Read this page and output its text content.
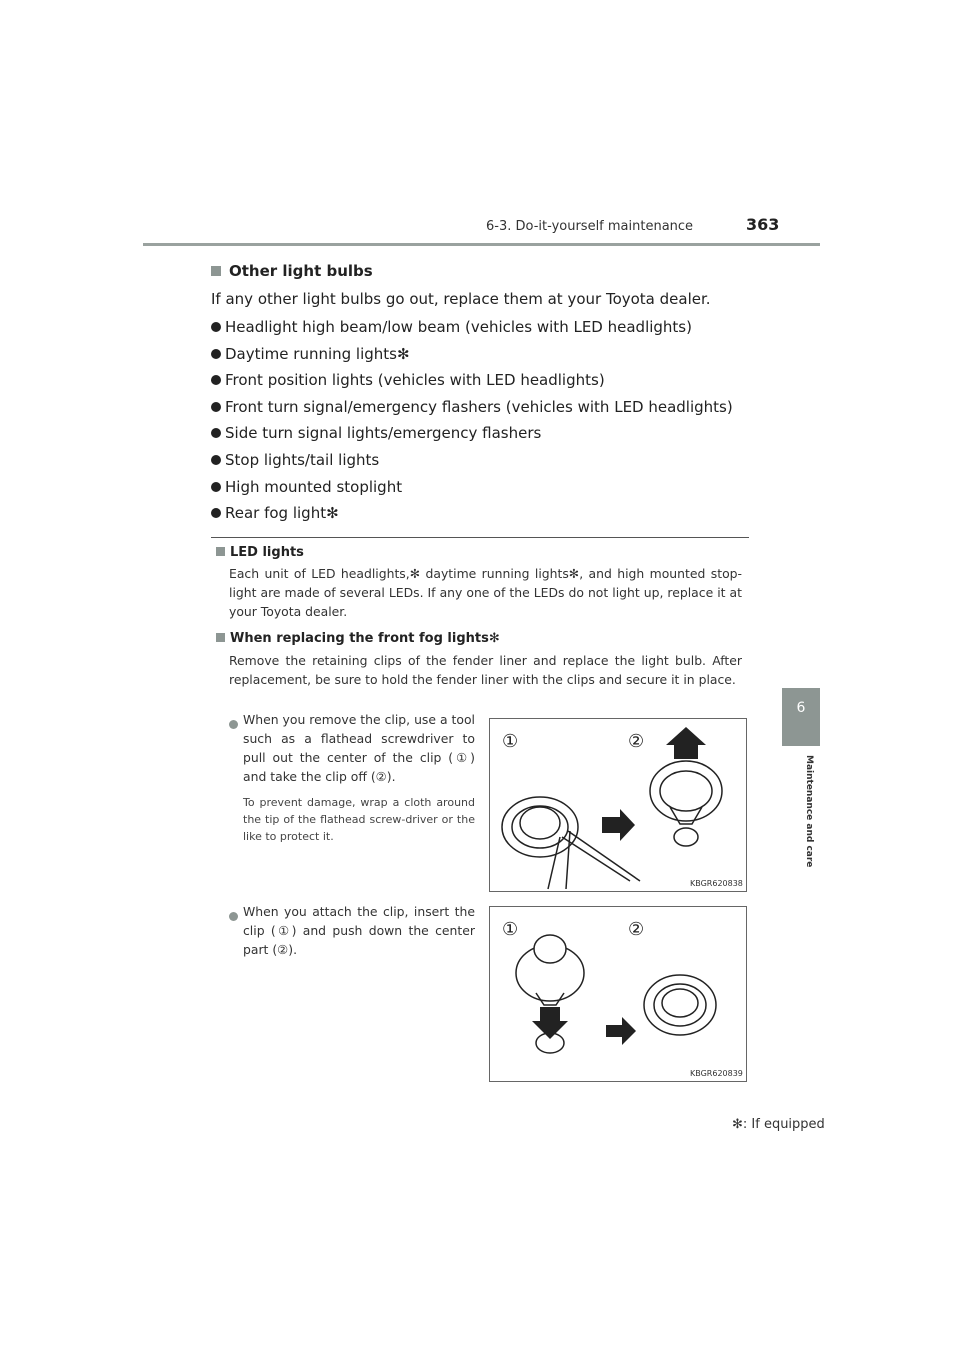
6-3. Do-it-yourself maintenance	363
6
Maintenance and care
Other light bulbs
If any other light bulbs go out, replace them at your Toyota dealer.
Headlight high beam/low beam (vehicles with LED headlights)
Daytime running lights✻
Front position lights (vehicles with LED headlights)
Front turn signal/emergency flashers (vehicles with LED headlights)
Side turn signal lights/emergency flashers
Stop lights/tail lights
High mounted stoplight
Rear fog light✻
LED lights
Each unit of LED headlights,✻ daytime running lights✻, and high mounted stop-light are made of several LEDs. If any one of the LEDs do not light up, replace it at your Toyota dealer.
When replacing the front fog lights✻
Remove the retaining clips of the fender liner and replace the light bulb. After replacement, be sure to hold the fender liner with the clips and secure it in place.
When you remove the clip, use a tool such as a flathead screwdriver to pull out the center of the clip (①) and take the clip off (②).
To prevent damage, wrap a cloth around the tip of the flathead screw-driver or the like to protect it.
When you attach the clip, insert the clip (①) and push down the center part (②).
①	②
KBGR620838
①	②
KBGR620839
✻: If equipped
